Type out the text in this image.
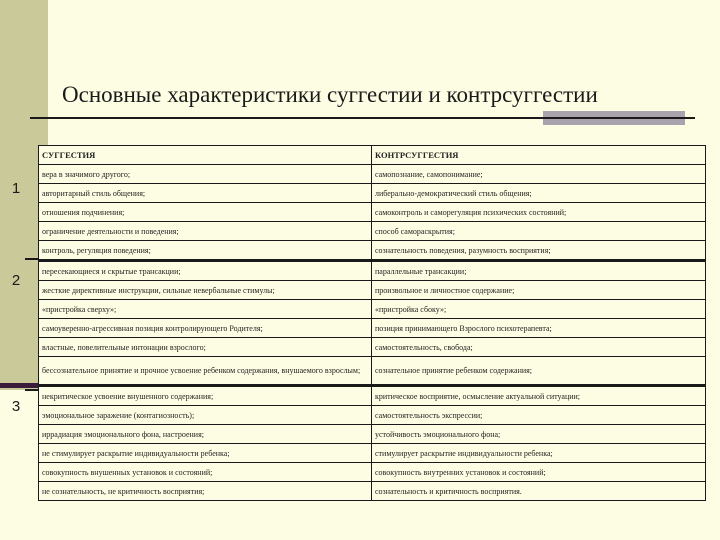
Основные характеристики суггестии и контрсуггестии
1
2
3
СУГГЕСТИЯ	КОНТРСУГГЕСТИЯ
вера в значимого другого;	самопознание, самопонимание;
авторитарный стиль общения;	либерально-демократический стиль общения;
отношения подчинения;	самоконтроль и саморегуляция психических состояний;
ограничение деятельности и поведения;	способ самораскрытия;
контроль, регуляция поведения;	сознательность поведения, разумность восприятия;
пересекающиеся и скрытые трансакции;	параллельные трансакции;
жесткие директивные инструкции, сильные невербальные стимулы;	произвольное и личностное содержание;
«пристройка сверху»;	«пристройка сбоку»;
самоуверенно-агрессивная позиция контролирующего Родителя;	позиция принимающего Взрослого психотерапевта;
властные, повелительные интонации взрослого;	самостоятельность, свобода;
бессознательное принятие и прочное усвоение ребенком содержания, внушаемого взрослым;	сознательное принятие ребенком содержания;
некритическое усвоение внушенного содержания;	критическое восприятие, осмысление актуальной ситуации;
эмоциональное заражение (контагиозность);	самостоятельность экспрессии;
иррадиация эмоционального фона, настроения;	устойчивость эмоционального фона;
не стимулирует раскрытие индивидуальности ребенка;	стимулирует раскрытие индивидуальности ребенка;
совокупность внушенных установок и состояний;	совокупность внутренних установок и состояний;
не сознательность, не критичность восприятия;	сознательность и критичность восприятия.
